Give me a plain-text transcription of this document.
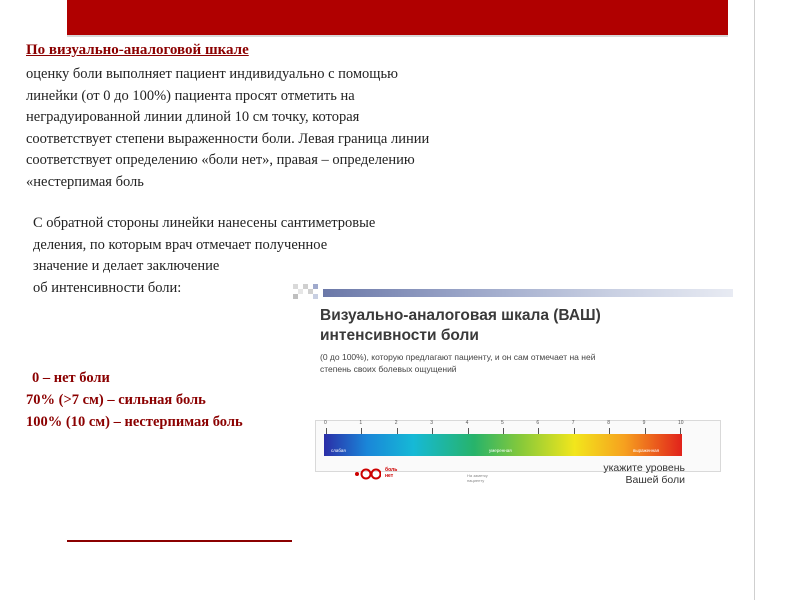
По визуально-аналоговой шкале
оценку боли выполняет пациент индивидуально с помощью
линейки (от 0 до 100%) пациента просят отметить на
неградуированной линии длиной 10 см точку, которая
соответствует степени выраженности боли. Левая граница линии
соответствует определению «боли нет», правая – определению
«нестерпимая боль
С обратной стороны линейки нанесены сантиметровые
деления, по которым врач отмечает полученное
значение и делает заключение
об интенсивности боли:
0 – нет боли
70% (>7 см) – сильная боль
100% (10 см) – нестерпимая боль
Визуально-аналоговая шкала (ВАШ)
интенсивности боли
(0 до 100%), которую предлагают пациенту, и он сам отмечает на ней
степень своих болевых ощущений
0	1	2	3	4	5	6	7	8	9	10
слабая	умеренная	выраженная
боль
нет	На заметку
пациенту
укажите уровень
Вашей боли
